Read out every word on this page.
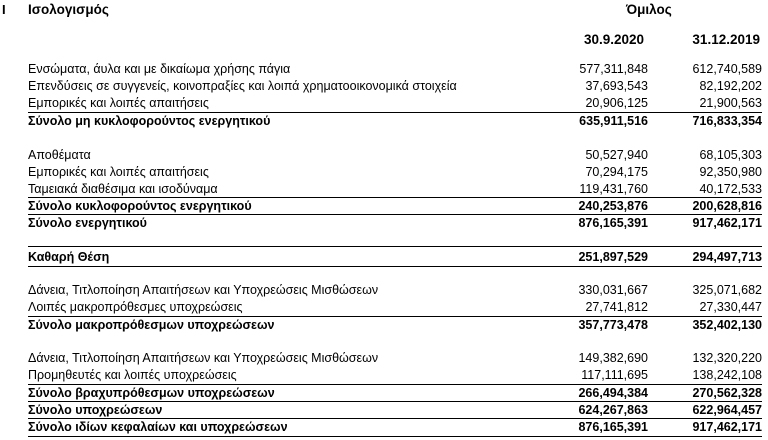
I Ισολογισμός	Όμιλος
30.9.2020	31.12.2019
Ενσώματα, άυλα και με δικαίωμα χρήσης πάγια	577,311,848	612,740,589
Επενδύσεις σε συγγενείς, κοινοπραξίες και λοιπά χρηματοοικονομικά στοιχεία	37,693,543	82,192,202
Εμπορικές και λοιπές απαιτήσεις	20,906,125	21,900,563
Σύνολο μη κυκλοφορούντος ενεργητικού	635,911,516	716,833,354
Αποθέματα	50,527,940	68,105,303
Εμπορικές και λοιπές απαιτήσεις	70,294,175	92,350,980
Ταμειακά διαθέσιμα και ισοδύναμα	119,431,760	40,172,533
Σύνολο κυκλοφορούντος ενεργητικού	240,253,876	200,628,816
Σύνολο ενεργητικού	876,165,391	917,462,171
Καθαρή Θέση	251,897,529	294,497,713
Δάνεια, Τιτλοποίηση Απαιτήσεων και Υποχρεώσεις Μισθώσεων	330,031,667	325,071,682
Λοιπές μακροπρόθεσμες υποχρεώσεις	27,741,812	27,330,447
Σύνολο μακροπρόθεσμων υποχρεώσεων	357,773,478	352,402,130
Δάνεια, Τιτλοποίηση Απαιτήσεων και Υποχρεώσεις Μισθώσεων	149,382,690	132,320,220
Προμηθευτές και λοιπές υποχρεώσεις	117,111,695	138,242,108
Σύνολο βραχυπρόθεσμων υποχρεώσεων	266,494,384	270,562,328
Σύνολο υποχρεώσεων	624,267,863	622,964,457
Σύνολο ιδίων κεφαλαίων και υποχρεώσεων	876,165,391	917,462,171
